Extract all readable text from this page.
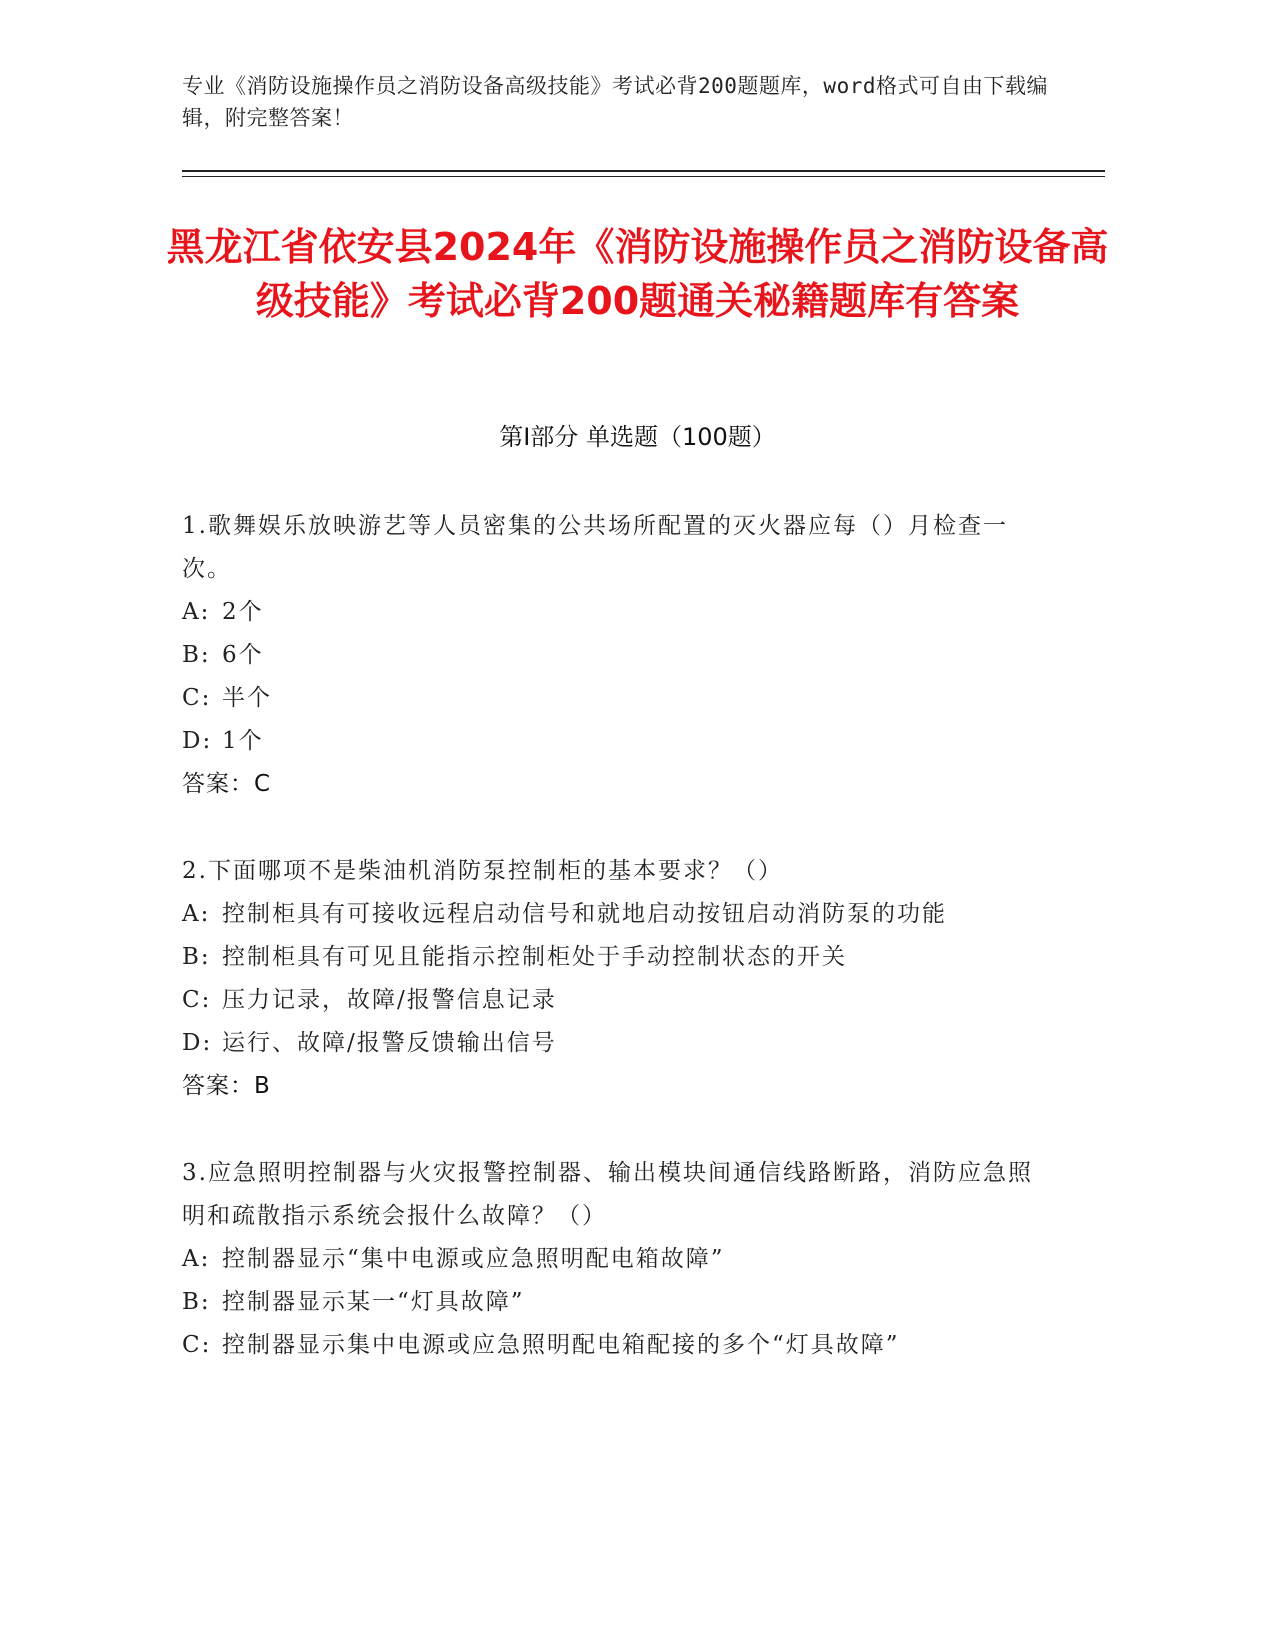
专业《消防设施操作员之消防设备高级技能》考试必背200题题库，word格式可自由下载编辑，附完整答案！
黑龙江省依安县2024年《消防设施操作员之消防设备高级技能》考试必背200题通关秘籍题库有答案
第Ⅰ部分 单选题（100题）

1.歌舞娱乐放映游艺等人员密集的公共场所配置的灭火器应每（）月检查一次。

A: 2个

B: 6个

C: 半个

D: 1个

答案：C

2.下面哪项不是柴油机消防泵控制柜的基本要求？（）

A: 控制柜具有可接收远程启动信号和就地启动按钮启动消防泵的功能

B: 控制柜具有可见且能指示控制柜处于手动控制状态的开关

C: 压力记录，故障/报警信息记录

D: 运行、故障/报警反馈输出信号

答案：B

3.应急照明控制器与火灾报警控制器、输出模块间通信线路断路，消防应急照明和疏散指示系统会报什么故障？（）

A: 控制器显示“集中电源或应急照明配电箱故障”

B: 控制器显示某一“灯具故障”

C: 控制器显示集中电源或应急照明配电箱配接的多个“灯具故障”
